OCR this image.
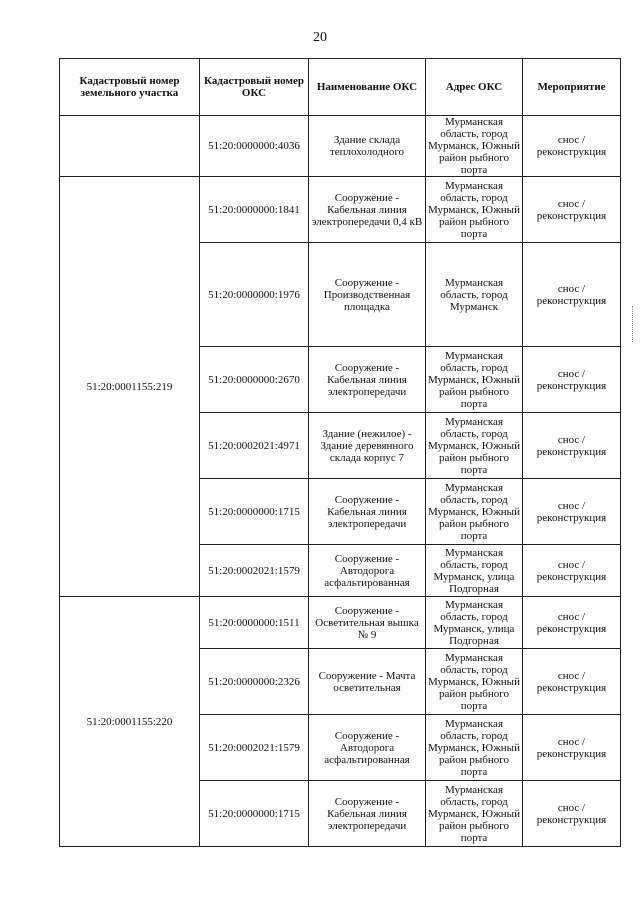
20
Кадастровый номер земельного участка	Кадастровый номер ОКС	Наименование ОКС	Адрес ОКС	Мероприятие
	51:20:0000000:4036	Здание склада теплохолодного	Мурманская область, город Мурманск, Южный район рыбного порта	снос / реконструкция
51:20:0001155:219	51:20:0000000:1841	Сооружение - Кабельная линия электропередачи 0,4 кВ	Мурманская область, город Мурманск, Южный район рыбного порта	снос / реконструкция
	51:20:0000000:1976	Сооружение - Производственная площадка	Мурманская область, город Мурманск	снос / реконструкция
	51:20:0000000:2670	Сооружение - Кабельная линия электропередачи	Мурманская область, город Мурманск, Южный район рыбного порта	снос / реконструкция
	51:20:0002021:4971	Здание (нежилое) - Здание деревянного склада корпус 7	Мурманская область, город Мурманск, Южный район рыбного порта	снос / реконструкция
	51:20:0000000:1715	Сооружение - Кабельная линия электропередачи	Мурманская область, город Мурманск, Южный район рыбного порта	снос / реконструкция
	51:20:0002021:1579	Сооружение - Автодорога асфальтированная	Мурманская область, город Мурманск, улица Подгорная	снос / реконструкция
51:20:0001155:220	51:20:0000000:1511	Сооружение - Осветительная вышка № 9	Мурманская область, город Мурманск, улица Подгорная	снос / реконструкция
	51:20:0000000:2326	Сооружение - Мачта осветительная	Мурманская область, город Мурманск, Южный район рыбного порта	снос / реконструкция
	51:20:0002021:1579	Сооружение - Автодорога асфальтированная	Мурманская область, город Мурманск, Южный район рыбного порта	снос / реконструкция
	51:20:0000000:1715	Сооружение - Кабельная линия электропередачи	Мурманская область, город Мурманск, Южный район рыбного порта	снос / реконструкция
